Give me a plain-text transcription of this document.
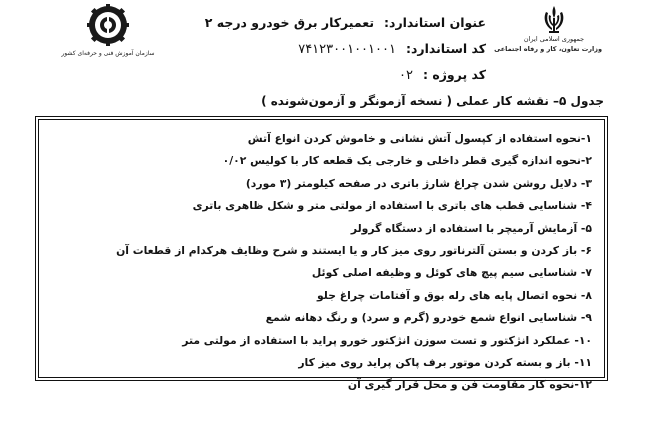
سازمان آموزش فنی و حرفه‌ای کشور
جمهوری اسلامی ایران
وزارت تعاون، کار و رفاه اجتماعی
عنوان استاندارد: تعمیرکار برق خودرو درجه ۲
کد استاندارد: ۷۴۱۲۳۰۰۱۰۰۱۰۰۱
کد پروژه : ۰۲
جدول ۵– نقشه کار عملی ( نسخه آزمونگر و آزمون‌شونده )
۱-نحوه استفاده از کپسول آتش نشانی و خاموش کردن انواع آتش
۲-نحوه اندازه گیری قطر داخلی و خارجی یک قطعه کار با کولیس ۰/۰۲
۳- دلایل روشن شدن چراغ شارژ باتری در صفحه کیلومتر (۳ مورد)
۴- شناسایی قطب های باتری با استفاده از مولتی متر و شکل ظاهری باتری
۵- آزمایش آرمیچر با استفاده از دستگاه گرولر
۶- باز کردن و بستن آلترناتور روی میز کار و یا ایستند و شرح وظایف هرکدام از قطعات آن
۷- شناسایی سیم پیچ های کوئل و وظیفه اصلی کوئل
۸- نحوه اتصال پایه های رله بوق و آفتامات چراغ جلو
۹- شناسایی انواع شمع خودرو (گرم و سرد) و رنگ دهانه شمع
۱۰- عملکرد انژکتور و تست سوزن انژکتور خورو پراید با استفاده از مولتی متر
۱۱- باز و بسته کردن موتور برف پاکن پراید روی میز کار
۱۲-نحوه کار مقاومت فن و محل قرار گیری آن
